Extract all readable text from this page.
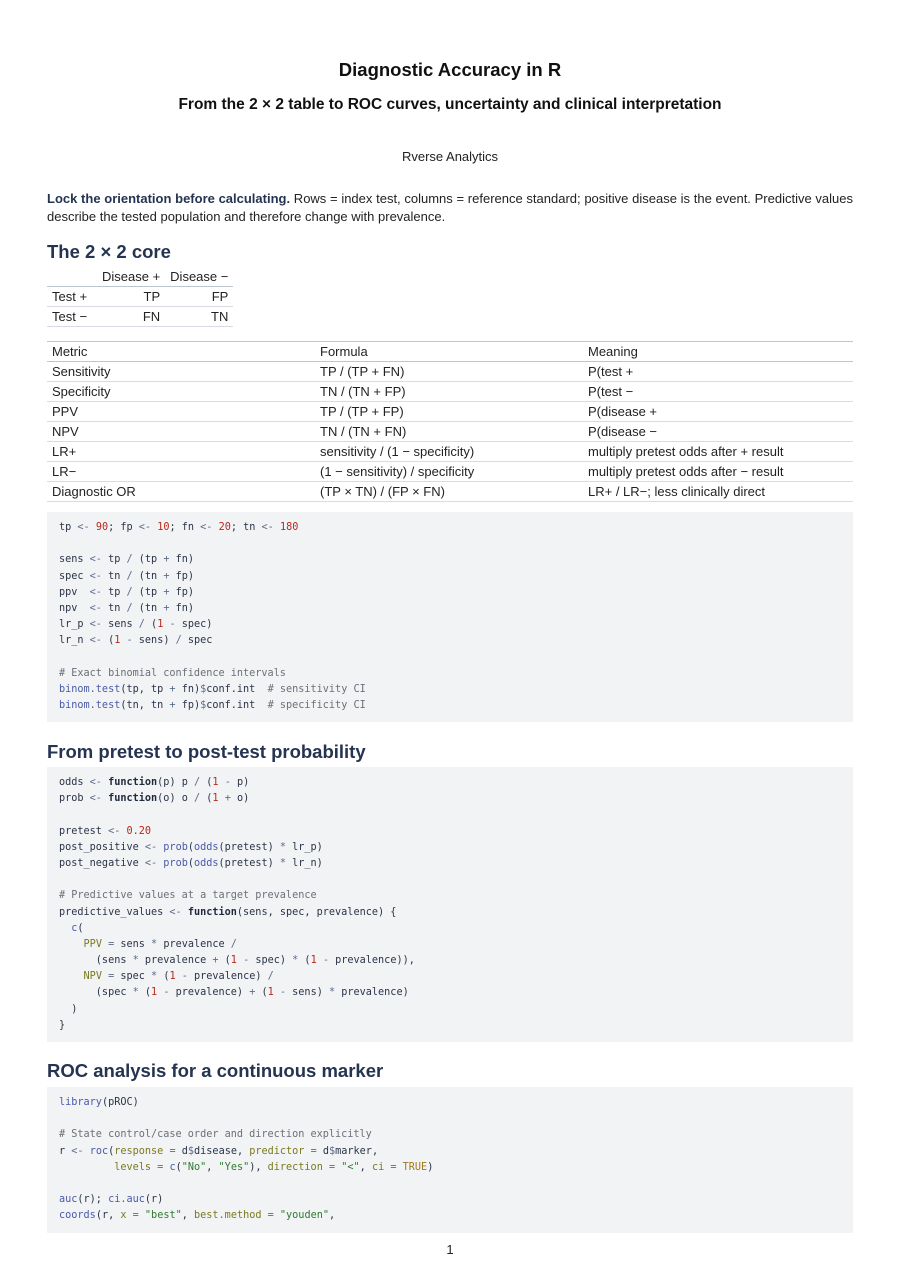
Diagnostic Accuracy in R
From the 2 × 2 table to ROC curves, uncertainty and clinical interpretation
Rverse Analytics
Lock the orientation before calculating. Rows = index test, columns = reference standard; positive disease is the event. Predictive values describe the tested population and therefore change with prevalence.
The 2 × 2 core
	Disease +	Disease −
Test +	TP	FP
Test −	FN	TN
Metric	Formula	Meaning
Sensitivity	TP / (TP + FN)	P(test +
Specificity	TN / (TN + FP)	P(test −
PPV	TP / (TP + FP)	P(disease +
NPV	TN / (TN + FN)	P(disease −
LR+	sensitivity / (1 − specificity)	multiply pretest odds after + result
LR−	(1 − sensitivity) / specificity	multiply pretest odds after − result
Diagnostic OR	(TP × TN) / (FP × FN)	LR+ / LR−; less clinically direct
tp <- 90; fp <- 10; fn <- 20; tn <- 180

sens <- tp / (tp + fn)
spec <- tn / (tn + fp)
ppv  <- tp / (tp + fp)
npv  <- tn / (tn + fn)
lr_p <- sens / (1 - spec)
lr_n <- (1 - sens) / spec

# Exact binomial confidence intervals
binom.test(tp, tp + fn)$conf.int  # sensitivity CI
binom.test(tn, tn + fp)$conf.int  # specificity CI
From pretest to post-test probability
odds <- function(p) p / (1 - p)
prob <- function(o) o / (1 + o)

pretest <- 0.20
post_positive <- prob(odds(pretest) * lr_p)
post_negative <- prob(odds(pretest) * lr_n)

# Predictive values at a target prevalence
predictive_values <- function(sens, spec, prevalence) {
c(
PPV = sens * prevalence /
(sens * prevalence + (1 - spec) * (1 - prevalence)),
NPV = spec * (1 - prevalence) /
(spec * (1 - prevalence) + (1 - sens) * prevalence)
)
}
ROC analysis for a continuous marker
library(pROC)

# State control/case order and direction explicitly
r <- roc(response = d$disease, predictor = d$marker,
levels = c("No", "Yes"), direction = "<", ci = TRUE)

auc(r); ci.auc(r)
coords(r, x = "best", best.method = "youden",
1
